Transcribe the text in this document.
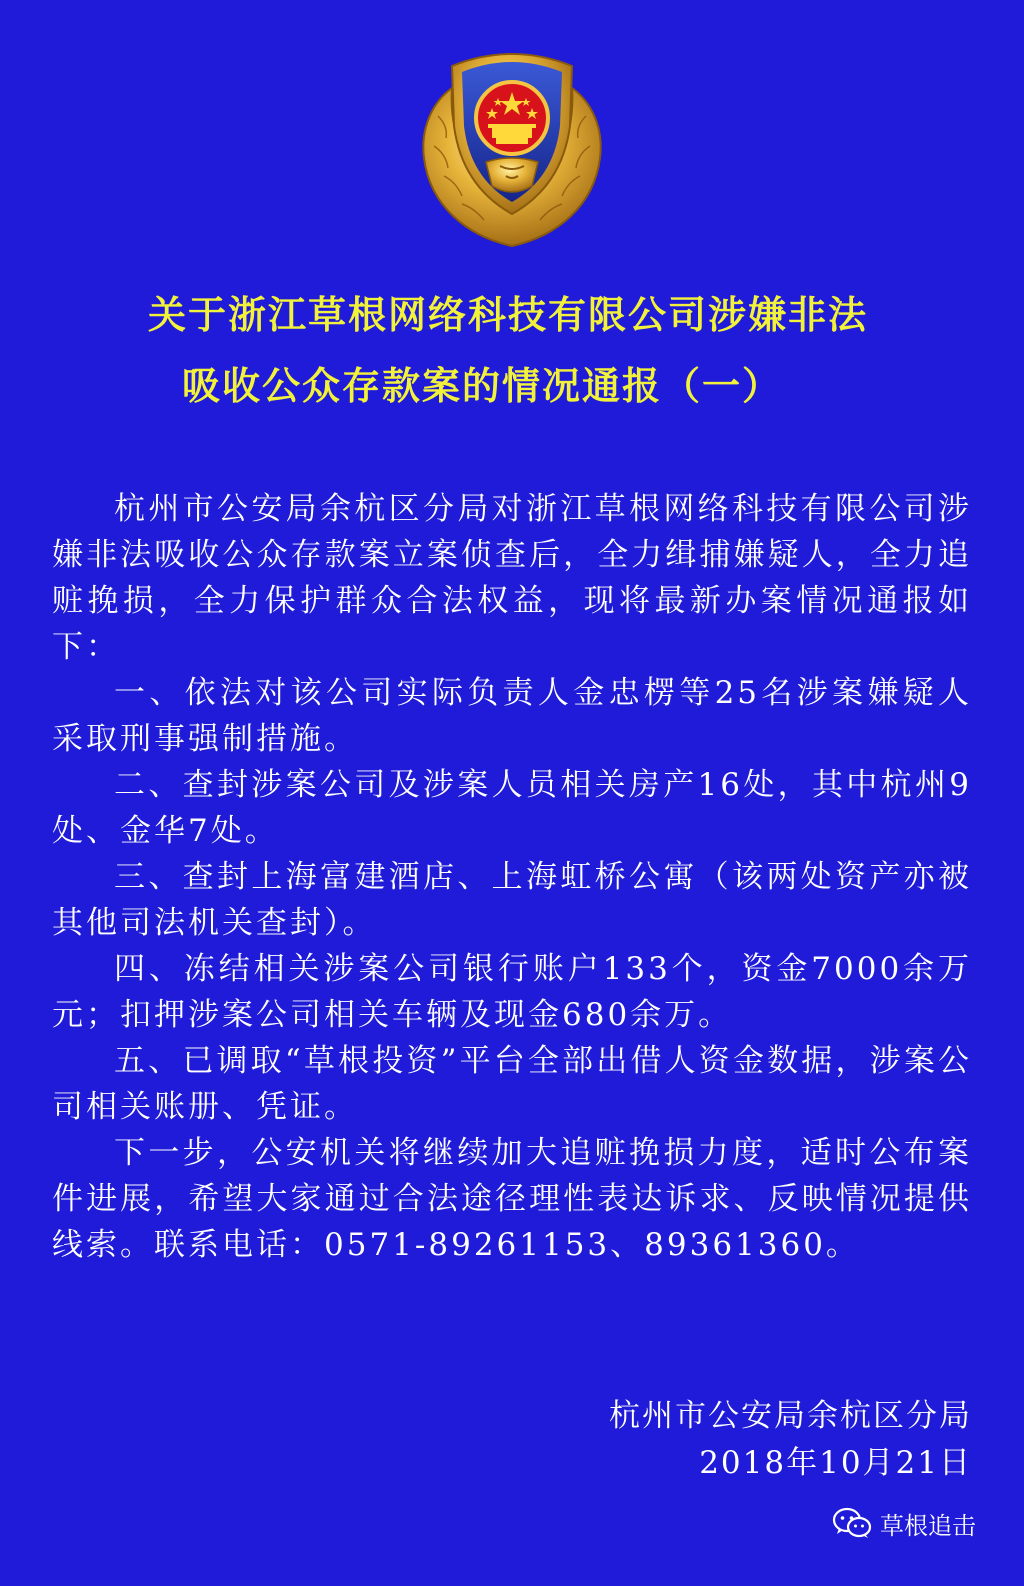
关于浙江草根网络科技有限公司涉嫌非法
吸收公众存款案的情况通报（一）

杭州市公安局余杭区分局对浙江草根网络科技有限公司涉嫌非法吸收公众存款案立案侦查后，全力缉捕嫌疑人，全力追赃挽损，全力保护群众合法权益，现将最新办案情况通报如下：

一、依法对该公司实际负责人金忠楞等25名涉案嫌疑人采取刑事强制措施。

二、查封涉案公司及涉案人员相关房产16处，其中杭州9处、金华7处。

三、查封上海富建酒店、上海虹桥公寓（该两处资产亦被其他司法机关查封）。

四、冻结相关涉案公司银行账户133个，资金7000余万元；扣押涉案公司相关车辆及现金680余万。

五、已调取“草根投资”平台全部出借人资金数据，涉案公司相关账册、凭证。

下一步，公安机关将继续加大追赃挽损力度，适时公布案件进展，希望大家通过合法途径理性表达诉求、反映情况提供线索。联系电话：0571-89261153、89361360。

杭州市公安局余杭区分局
2018年10月21日
草根追击
